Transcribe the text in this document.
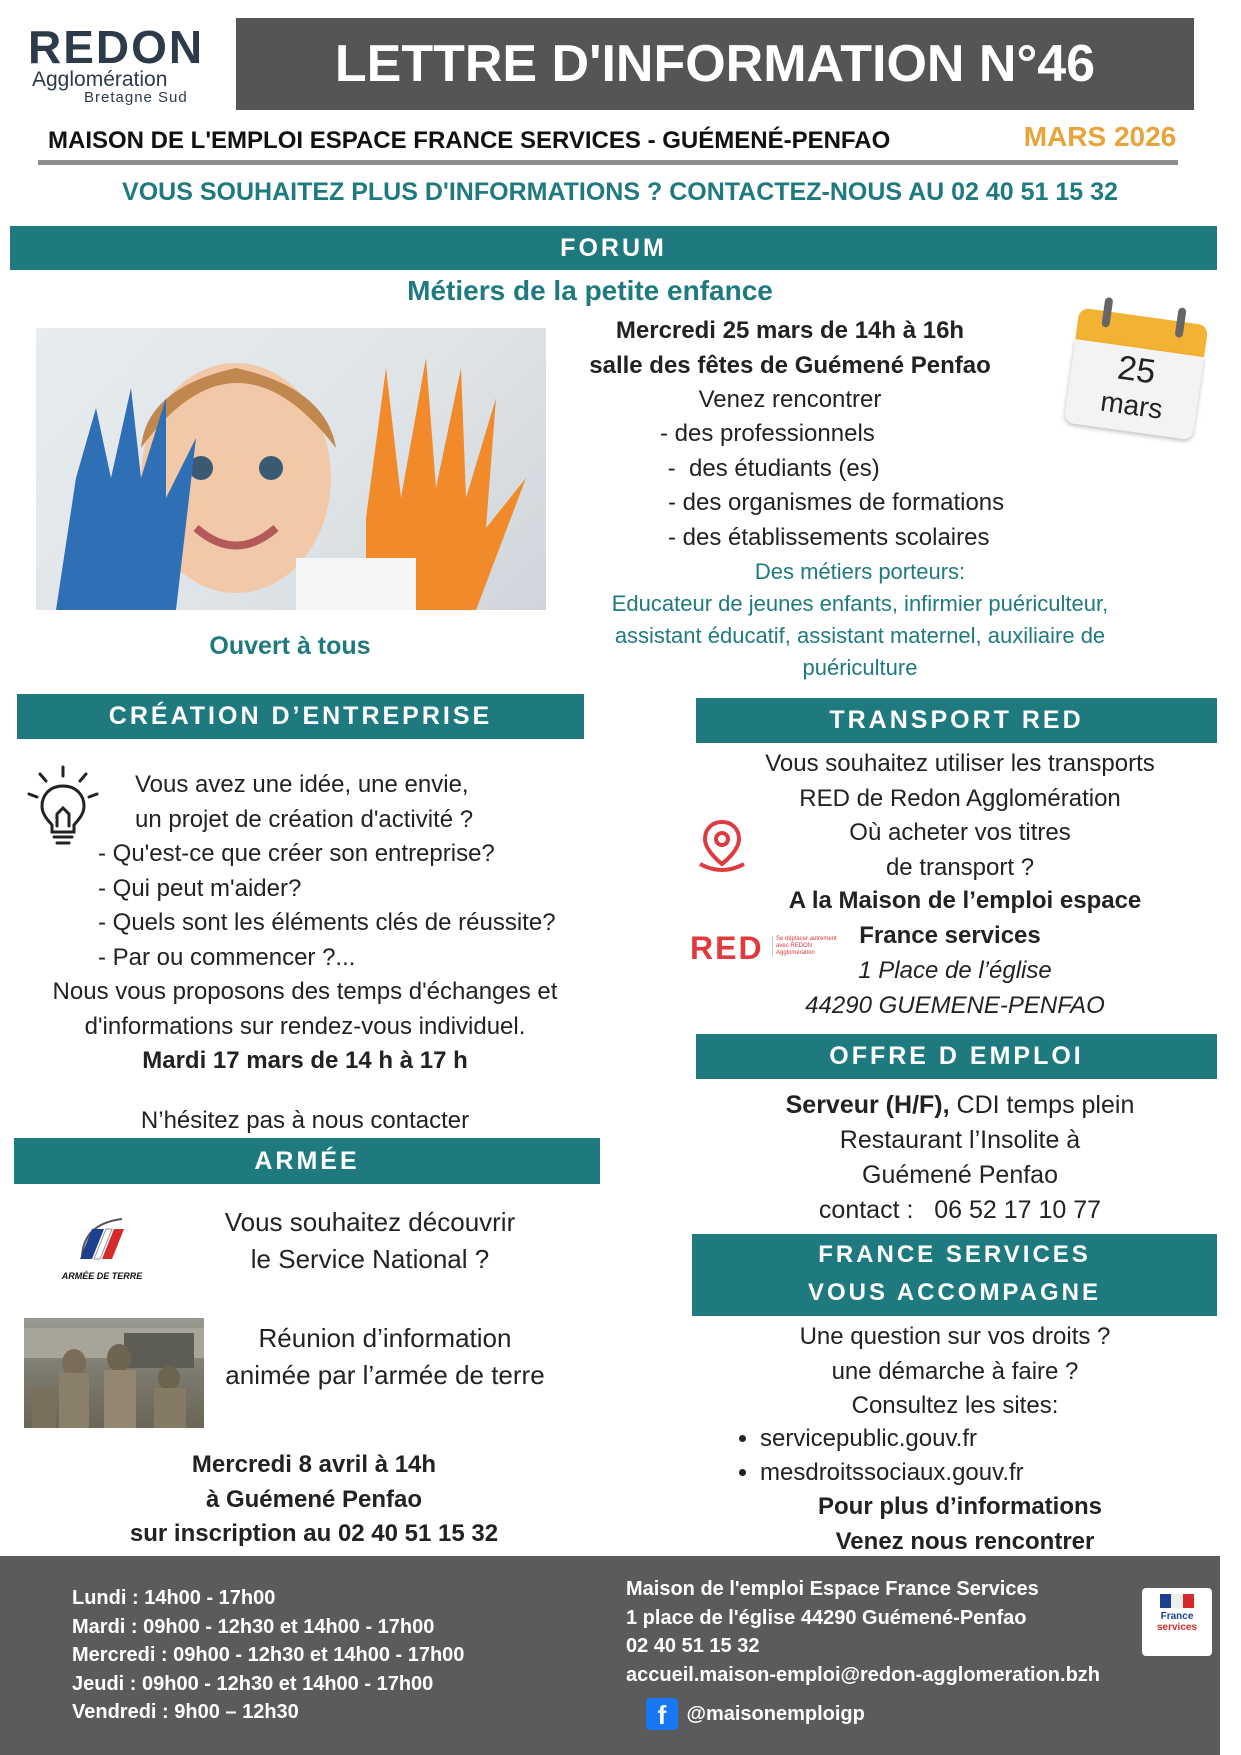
REDON
Agglomération
Bretagne Sud
LETTRE D'INFORMATION N°46
MAISON DE L'EMPLOI ESPACE FRANCE SERVICES - GUÉMENÉ-PENFAO	MARS 2026
VOUS SOUHAITEZ PLUS D'INFORMATIONS ? CONTACTEZ-NOUS AU 02 40 51 15 32
FORUM
Métiers de la petite enfance
Mercredi 25 mars de 14h à 16h
salle des fêtes de Guémené Penfao
Venez rencontrer
- des professionnels
-  des étudiants (es)
- des organismes de formations
- des établissements scolaires
Des métiers porteurs:
Educateur de jeunes enfants, infirmier puériculteur,
assistant éducatif, assistant maternel, auxiliaire de
puériculture
Ouvert à tous
25
mars
CRÉATION D’ENTREPRISE
Vous avez une idée, une envie,
un projet de création d'activité ?
- Qu'est-ce que créer son entreprise?
- Qui peut m'aider?
- Quels sont les éléments clés de réussite?
- Par ou commencer ?...
Nous vous proposons des temps d'échanges et
d'informations sur rendez-vous individuel.
Mardi 17 mars de 14 h à 17 h
N’hésitez pas à nous contacter
ARMÉE
ARMÉE DE TERRE
Vous souhaitez découvrir
le Service National ?
Réunion d’information
animée par l’armée de terre
Mercredi 8 avril à 14h
à Guémené Penfao
sur inscription au 02 40 51 15 32
TRANSPORT RED
Vous souhaitez utiliser les transports
RED de Redon Agglomération
Où acheter vos titres
de transport ?
A la Maison de l’emploi espace
France services
RED Se déplacer autrement avec REDON Agglomération
1 Place de l’église
44290 GUEMENE-PENFAO
OFFRE D EMPLOI
Serveur (H/F), CDI temps plein
Restaurant l’Insolite à
Guémené Penfao
contact :   06 52 17 10 77
FRANCE SERVICES
VOUS ACCOMPAGNE
Une question sur vos droits ?
une démarche à faire ?
Consultez les sites:
• servicepublic.gouv.fr
• mesdroitssociaux.gouv.fr
Pour plus d’informations
Venez nous rencontrer
Lundi : 14h00 - 17h00
Mardi : 09h00 - 12h30 et 14h00 - 17h00
Mercredi : 09h00 - 12h30 et 14h00 - 17h00
Jeudi : 09h00 - 12h30 et 14h00 - 17h00
Vendredi : 9h00 – 12h30
Maison de l'emploi Espace France Services
1 place de l'église 44290 Guémené-Penfao
02 40 51 15 32
accueil.maison-emploi@redon-agglomeration.bzh
f @maisonemploigp
France
services
